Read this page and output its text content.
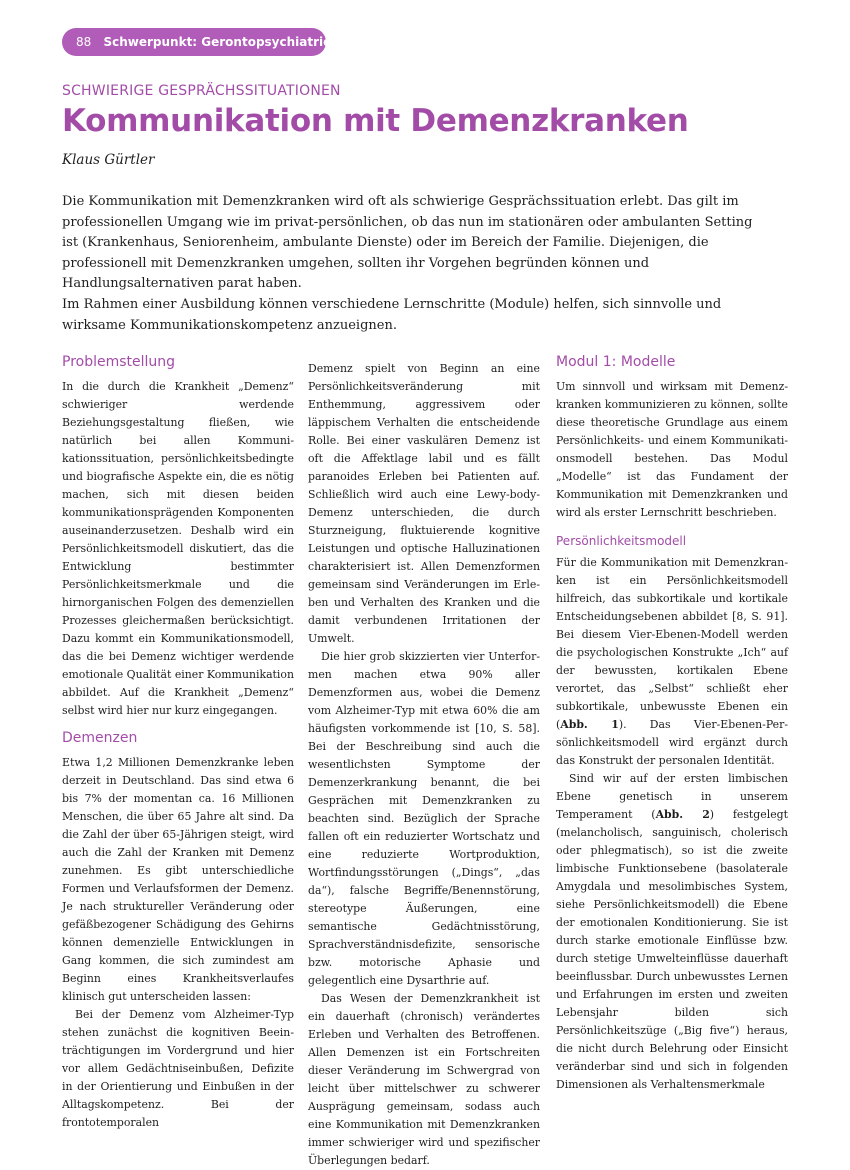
88 Schwerpunkt: Gerontopsychiatrie
SCHWIERIGE GESPRÄCHSSITUATIONEN
Kommunikation mit Demenzkranken
Klaus Gürtler

Die Kommunikation mit Demenzkranken wird oft als schwierige Gesprächssituation erlebt. Das gilt im professionellen Umgang wie im privat-persönlichen, ob das nun im stationären oder ambulanten Setting ist (Krankenhaus, Seniorenheim, ambulante Dienste) oder im Bereich der Familie. Diejenigen, die professionell mit Demenzkranken umgehen, sollten ihr Vorgehen begründen können und Handlungsalternativen parat haben.

Im Rahmen einer Ausbildung können verschiedene Lernschritte (Module) helfen, sich sinnvolle und wirksame Kommunikationskompetenz anzueignen.

Problemstellung

In die durch die Krankheit „Demenz“ schwieriger werdende Beziehungsgestaltung fließen, wie natürlich bei allen Kommunikationssituation, persönlichkeitsbedingte und biografische Aspekte ein, die es nötig machen, sich mit diesen beiden kommunikationsprägenden Komponenten auseinanderzusetzen. Deshalb wird ein Persönlichkeitsmodell diskutiert, das die Entwicklung bestimmter Persönlichkeitsmerkmale und die hirnorganischen Folgen des demenziellen Prozesses gleichermaßen berücksichtigt. Dazu kommt ein Kommunikationsmodell, das die bei Demenz wichtiger werdende emotionale Qualität einer Kommunikation abbildet. Auf die Krankheit „Demenz“ selbst wird hier nur kurz eingegangen.

Demenzen

Etwa 1,2 Millionen Demenzkranke leben derzeit in Deutschland. Das sind etwa 6 bis 7% der momentan ca. 16 Millionen Menschen, die über 65 Jahre alt sind. Da die Zahl der über 65-Jährigen steigt, wird auch die Zahl der Kranken mit Demenz zunehmen. Es gibt unterschiedliche Formen und Verlaufsformen der Demenz. Je nach struktureller Veränderung oder gefäßbezogener Schädigung des Gehirns können demenzielle Entwicklungen in Gang kommen, die sich zumindest am Beginn eines Krankheitsverlaufes klinisch gut unterscheiden lassen:

Bei der Demenz vom Alzheimer-Typ stehen zunächst die kognitiven Beeinträchtigungen im Vordergrund und hier vor allem Gedächtniseinbußen, Defizite in der Orientierung und Einbußen in der Alltagskompetenz. Bei der frontotemporalen

Demenz spielt von Beginn an eine Persönlichkeitsveränderung mit Enthemmung, aggressivem oder läppischem Verhalten die entscheidende Rolle. Bei einer vaskulären Demenz ist oft die Affektlage labil und es fällt paranoides Erleben bei Patienten auf. Schließlich wird auch eine Lewy-body-Demenz unterschieden, die durch Sturzneigung, fluktuierende kognitive Leistungen und optische Halluzinationen charakterisiert ist. Allen Demenzformen gemeinsam sind Veränderungen im Erleben und Verhalten des Kranken und die damit verbundenen Irritationen der Umwelt.

Die hier grob skizzierten vier Unterformen machen etwa 90% aller Demenzformen aus, wobei die Demenz vom Alzheimer-Typ mit etwa 60% die am häufigsten vorkommende ist [10, S. 58]. Bei der Beschreibung sind auch die wesentlichsten Symptome der Demenzerkrankung benannt, die bei Gesprächen mit Demenzkranken zu beachten sind. Bezüglich der Sprache fallen oft ein reduzierter Wortschatz und eine reduzierte Wortproduktion, Wortfindungsstörungen („Dings“, „das da“), falsche Begriffe/Benennstörung, stereotype Äußerungen, eine semantische Gedächtnisstörung, Sprachverständnisdefizite, sensorische bzw. motorische Aphasie und gelegentlich eine Dysarthrie auf.

Das Wesen der Demenzkrankheit ist ein dauerhaft (chronisch) verändertes Erleben und Verhalten des Betroffenen. Allen Demenzen ist ein Fortschreiten dieser Veränderung im Schwergrad von leicht über mittelschwer zu schwerer Ausprägung gemeinsam, sodass auch eine Kommunikation mit Demenzkranken immer schwieriger wird und spezifischer Überlegungen bedarf.

Modul 1: Modelle

Um sinnvoll und wirksam mit Demenzkranken kommunizieren zu können, sollte diese theoretische Grundlage aus einem Persönlichkeits- und einem Kommunikationsmodell bestehen. Das Modul „Modelle“ ist das Fundament der Kommunikation mit Demenzkranken und wird als erster Lernschritt beschrieben.

Persönlichkeitsmodell

Für die Kommunikation mit Demenzkranken ist ein Persönlichkeitsmodell hilfreich, das subkortikale und kortikale Entscheidungsebenen abbildet [8, S. 91]. Bei diesem Vier-Ebenen-Modell werden die psychologischen Konstrukte „Ich“ auf der bewussten, kortikalen Ebene verortet, das „Selbst“ schließt eher subkortikale, unbewusste Ebenen ein (Abb. 1). Das Vier-Ebenen-Persönlichkeitsmodell wird ergänzt durch das Konstrukt der personalen Identität.

Sind wir auf der ersten limbischen Ebene genetisch in unserem Temperament (Abb. 2) festgelegt (melancholisch, sanguinisch, cholerisch oder phlegmatisch), so ist die zweite limbische Funktionsebene (basolaterale Amygdala und mesolimbisches System, siehe Persönlichkeitsmodell) die Ebene der emotionalen Konditionierung. Sie ist durch starke emotionale Einflüsse bzw. durch stetige Umwelteinflüsse dauerhaft beeinflussbar. Durch unbewusstes Lernen und Erfahrungen im ersten und zweiten Lebensjahr bilden sich Persönlichkeitszüge („Big five“) heraus, die nicht durch Belehrung oder Einsicht veränderbar sind und sich in folgenden Dimensionen als Verhaltensmerkmale
